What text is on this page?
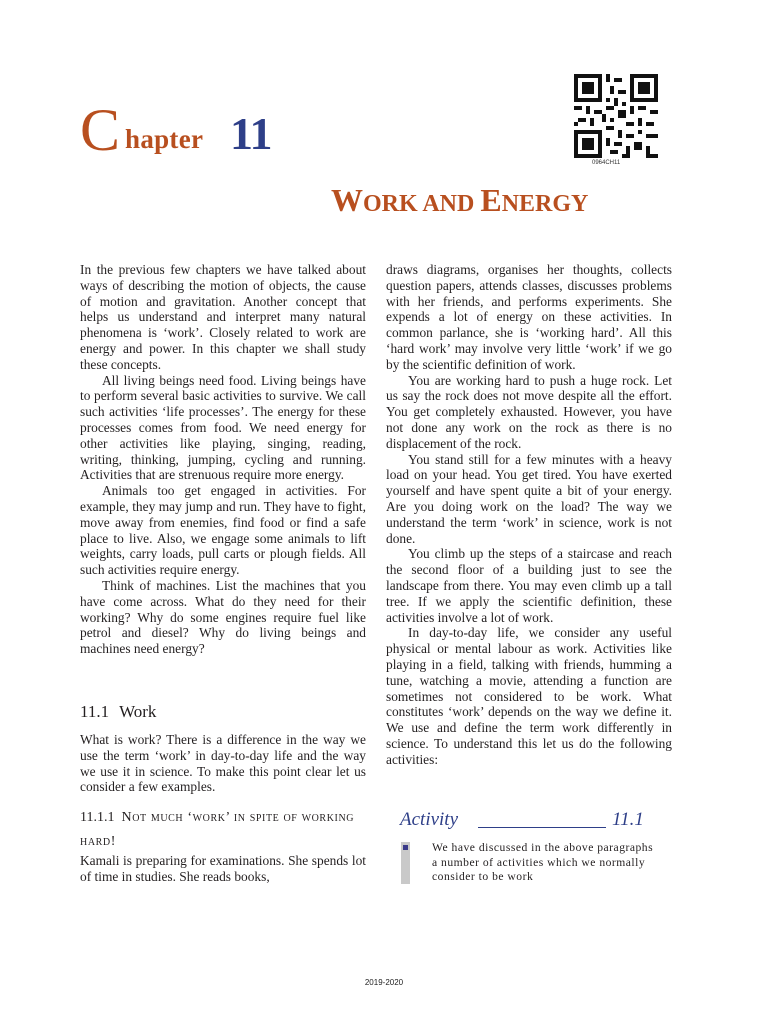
C hapter 11
0964CH11
WORK AND ENERGY

In the previous few chapters we have talked about ways of describing the motion of objects, the cause of motion and gravitation. Another concept that helps us understand and interpret many natural phenomena is ‘work’. Closely related to work are energy and power. In this chapter we shall study these concepts.

All living beings need food. Living beings have to perform several basic activities to survive. We call such activities ‘life processes’. The energy for these processes comes from food. We need energy for other activities like playing, singing, reading, writing, thinking, jumping, cycling and running. Activities that are strenuous require more energy.

Animals too get engaged in activities. For example, they may jump and run. They have to fight, move away from enemies, find food or find a safe place to live. Also, we engage some animals to lift weights, carry loads, pull carts or plough fields. All such activities require energy.

Think of machines. List the machines that you have come across. What do they need for their working? Why do some engines require fuel like petrol and diesel? Why do living beings and machines need energy?

11.1 Work

What is work? There is a difference in the way we use the term ‘work’ in day-to-day life and the way we use it in science. To make this point clear let us consider a few examples.

11.1.1 Not much ‘work’ in spite of working hard!

Kamali is preparing for examinations. She spends lot of time in studies. She reads books,

draws diagrams, organises her thoughts, collects question papers, attends classes, discusses problems with her friends, and performs experiments. She expends a lot of energy on these activities. In common parlance, she is ‘working hard’. All this ‘hard work’ may involve very little ‘work’ if we go by the scientific definition of work.

You are working hard to push a huge rock. Let us say the rock does not move despite all the effort. You get completely exhausted. However, you have not done any work on the rock as there is no displacement of the rock.

You stand still for a few minutes with a heavy load on your head. You get tired. You have exerted yourself and have spent quite a bit of your energy. Are you doing work on the load? The way we understand the term ‘work’ in science, work is not done.

You climb up the steps of a staircase and reach the second floor of a building just to see the landscape from there. You may even climb up a tall tree. If we apply the scientific definition, these activities involve a lot of work.

In day-to-day life, we consider any useful physical or mental labour as work. Activities like playing in a field, talking with friends, humming a tune, watching a movie, attending a function are sometimes not considered to be work. What constitutes ‘work’ depends on the way we define it. We use and define the term work differently in science. To understand this let us do the following activities:

Activity	11.1

We have discussed in the above paragraphs a number of activities which we normally consider to be work

2019-2020
